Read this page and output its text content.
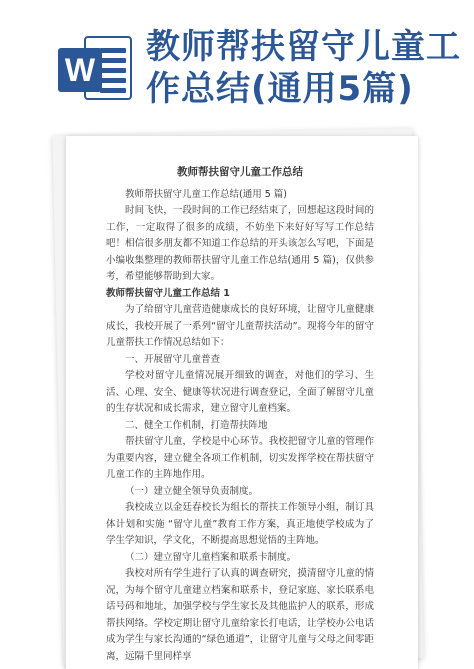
W
教师帮扶留守儿童工作总结(通用5篇)
教师帮扶留守儿童工作总结

教师帮扶留守儿童工作总结(通用 5 篇)

时间飞快，一段时间的工作已经结束了，回想起这段时间的工作，一定取得了很多的成绩，不妨坐下来好好写写工作总结吧！相信很多朋友都不知道工作总结的开头该怎么写吧，下面是小编收集整理的教师帮扶留守儿童工作总结(通用 5 篇)，仅供参考，希望能够帮助到大家。

教师帮扶留守儿童工作总结 1

为了给留守儿童营造健康成长的良好环境，让留守儿童健康成长，我校开展了一系列“留守儿童帮扶活动”。现将今年的留守儿童帮扶工作情况总结如下：

一、开展留守儿童普查

学校对留守儿童情况展开细致的调查，对他们的学习、生活、心理、安全、健康等状况进行调查登记，全面了解留守儿童的生存状况和成长需求，建立留守儿童档案。

二、健全工作机制，打造帮扶阵地

帮扶留守儿童，学校是中心环节。我校把留守儿童的管理作为重要内容，建立健全各项工作机制，切实发挥学校在帮扶留守儿童工作的主阵地作用。

（一）建立健全领导负责制度。

我校成立以金廷春校长为组长的帮扶工作领导小组，制订具体计划和实施 “留守儿童”教育工作方案，真正地使学校成为了学生学知识，学文化，不断提高思想觉悟的主阵地。

（二）建立留守儿童档案和联系卡制度。

我校对所有学生进行了认真的调查研究，摸清留守儿童的情况，为每个留守儿童建立档案和联系卡，登记家庭、家长联系电话号码和地址，加强学校与学生家长及其他监护人的联系，形成帮扶网络。学校定期让留守儿童给家长打电话，让学校办公电话成为学生与家长沟通的“绿色通道”，让留守儿童与父母之间零距离，远隔千里同样享
